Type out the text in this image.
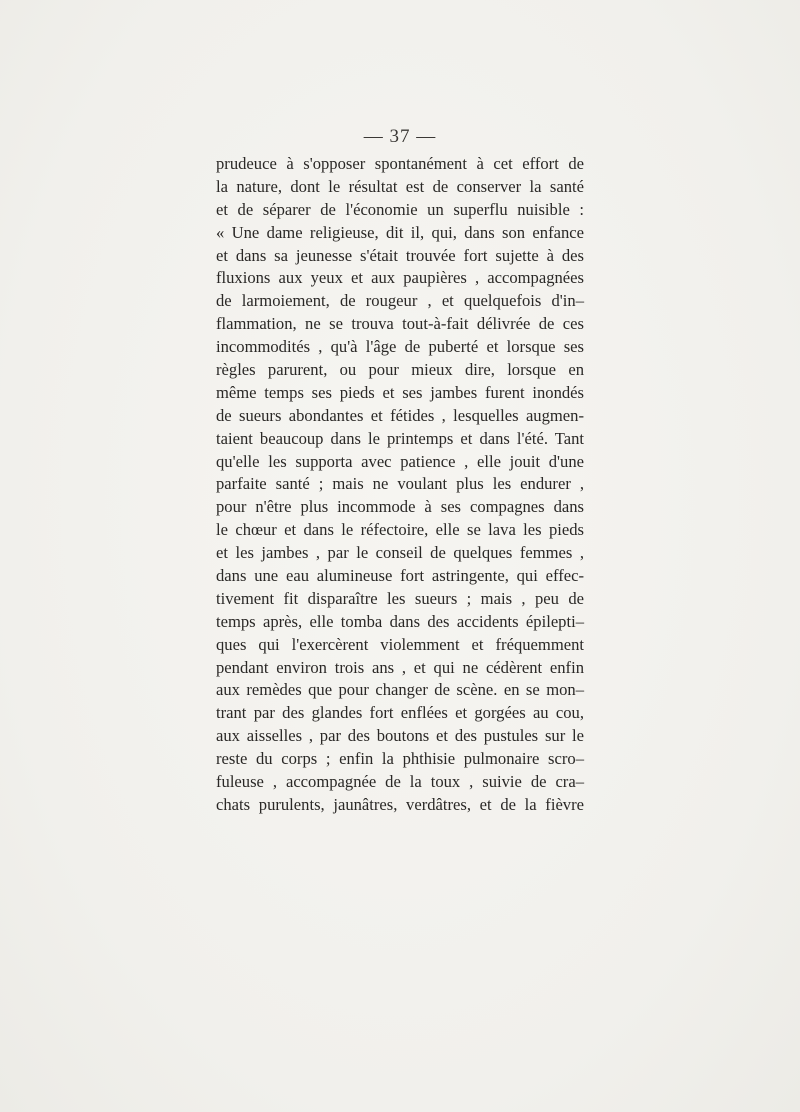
— 37 —
prudeuce à s'opposer spontanément à cet effort de
la nature, dont le résultat est de conserver la santé
et de séparer de l'économie un superflu nuisible :
« Une dame religieuse, dit il, qui, dans son enfance
et dans sa jeunesse s'était trouvée fort sujette à des
fluxions aux yeux et aux paupières , accompagnées
de larmoiement, de rougeur , et quelquefois d'in–
flammation, ne se trouva tout-à-fait délivrée de ces
incommodités , qu'à l'âge de puberté et lorsque ses
règles parurent, ou pour mieux dire, lorsque en
même temps ses pieds et ses jambes furent inondés
de sueurs abondantes et fétides , lesquelles augmen-
taient beaucoup dans le printemps et dans l'été. Tant
qu'elle les supporta avec patience , elle jouit d'une
parfaite santé ; mais ne voulant plus les endurer ,
pour n'être plus incommode à ses compagnes dans
le chœur et dans le réfectoire, elle se lava les pieds
et les jambes , par le conseil de quelques femmes ,
dans une eau alumineuse fort astringente, qui effec-
tivement fit disparaître les sueurs ; mais , peu de
temps après, elle tomba dans des accidents épilepti–
ques qui l'exercèrent violemment et fréquemment
pendant environ trois ans , et qui ne cédèrent enfin
aux remèdes que pour changer de scène. en se mon–
trant par des glandes fort enflées et gorgées au cou,
aux aisselles , par des boutons et des pustules sur le
reste du corps ; enfin la phthisie pulmonaire scro–
fuleuse , accompagnée de la toux , suivie de cra–
chats purulents, jaunâtres, verdâtres, et de la fièvre
